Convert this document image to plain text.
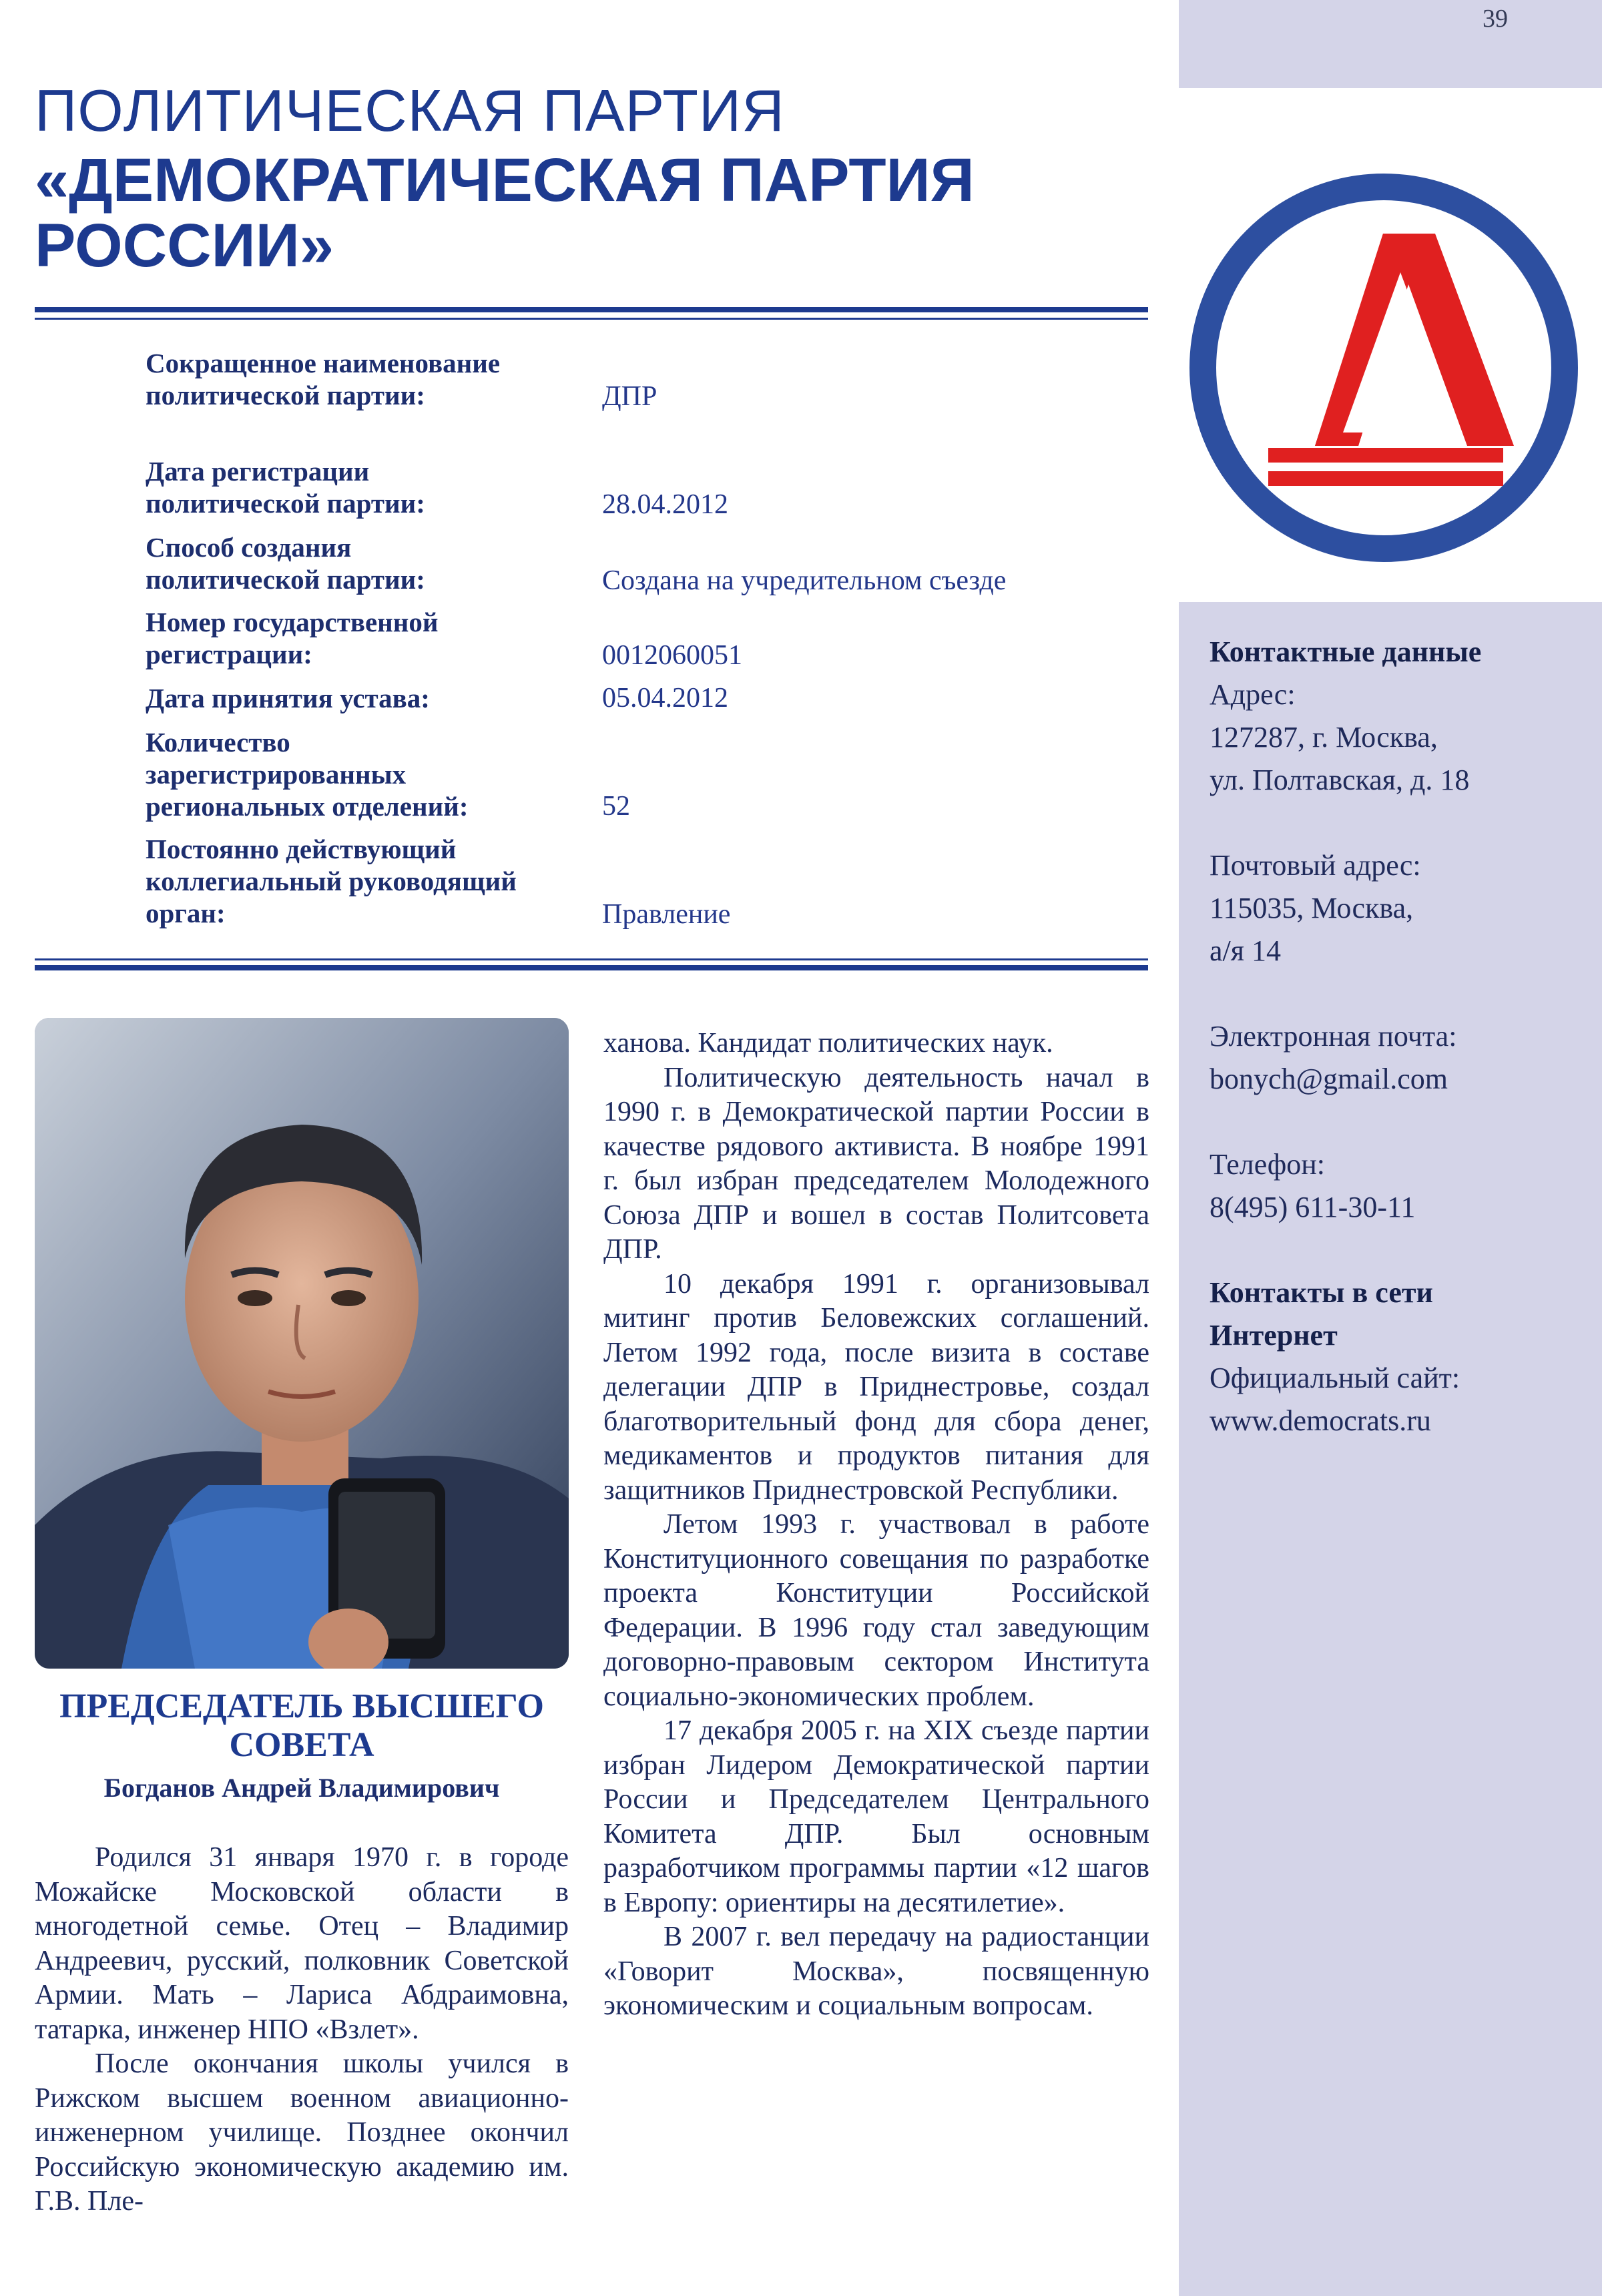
39
ПОЛИТИЧЕСКАЯ ПАРТИЯ
«ДЕМОКРАТИЧЕСКАЯ ПАРТИЯ
РОССИИ»
Сокращенное наименование политической партии:	ДПР
Дата регистрации политической партии:	28.04.2012
Способ создания политической партии:	Создана на учредительном съезде
Номер государственной регистрации:	0012060051
Дата принятия устава:	05.04.2012
Количество зарегистрированных региональных отделений:	52
Постоянно действующий коллегиальный руководящий орган:	Правление
ПРЕДСЕДАТЕЛЬ ВЫСШЕГО
СОВЕТА
Богданов Андрей Владимирович

Родился 31 января 1970 г. в городе Можайске Московской области в многодетной семье. Отец – Владимир Андреевич, русский, полковник Советской Армии. Мать – Лариса Абдраимовна, татарка, инженер НПО «Взлет».

После окончания школы учился в Рижском высшем военном авиационно-инженерном училище. Позднее окончил Российскую экономическую академию им. Г.В. Пле-

ханова. Кандидат политических наук.

Политическую деятельность начал в 1990 г. в Демократической партии России в качестве рядового активиста. В ноябре 1991 г. был избран председателем Молодежного Союза ДПР и вошел в состав Политсовета ДПР.

10 декабря 1991 г. организовывал митинг против Беловежских соглашений. Летом 1992 года, после визита в составе делегации ДПР в Приднестровье, создал благотворительный фонд для сбора денег, медикаментов и продуктов питания для защитников Приднестровской Республики.

Летом 1993 г. участвовал в работе Конституционного совещания по разработке проекта Конституции Российской Федерации. В 1996 году стал заведующим договорно-правовым сектором Института социально-экономических проблем.

17 декабря 2005 г. на XIX съезде партии избран Лидером Демократической партии России и Председателем Центрального Комитета ДПР. Был основным разработчиком программы партии «12 шагов в Европу: ориентиры на десятилетие».

В 2007 г. вел передачу на радиостанции «Говорит Москва», посвященную экономическим и социальным вопросам.

Контактные данные
Адрес:
127287, г. Москва,
ул. Полтавская, д. 18
Почтовый адрес:
115035, Москва,
а/я 14
Электронная почта:
bonych@gmail.com
Телефон:
8(495) 611-30-11
Контакты в сети
Интернет
Официальный сайт:
www.democrats.ru
